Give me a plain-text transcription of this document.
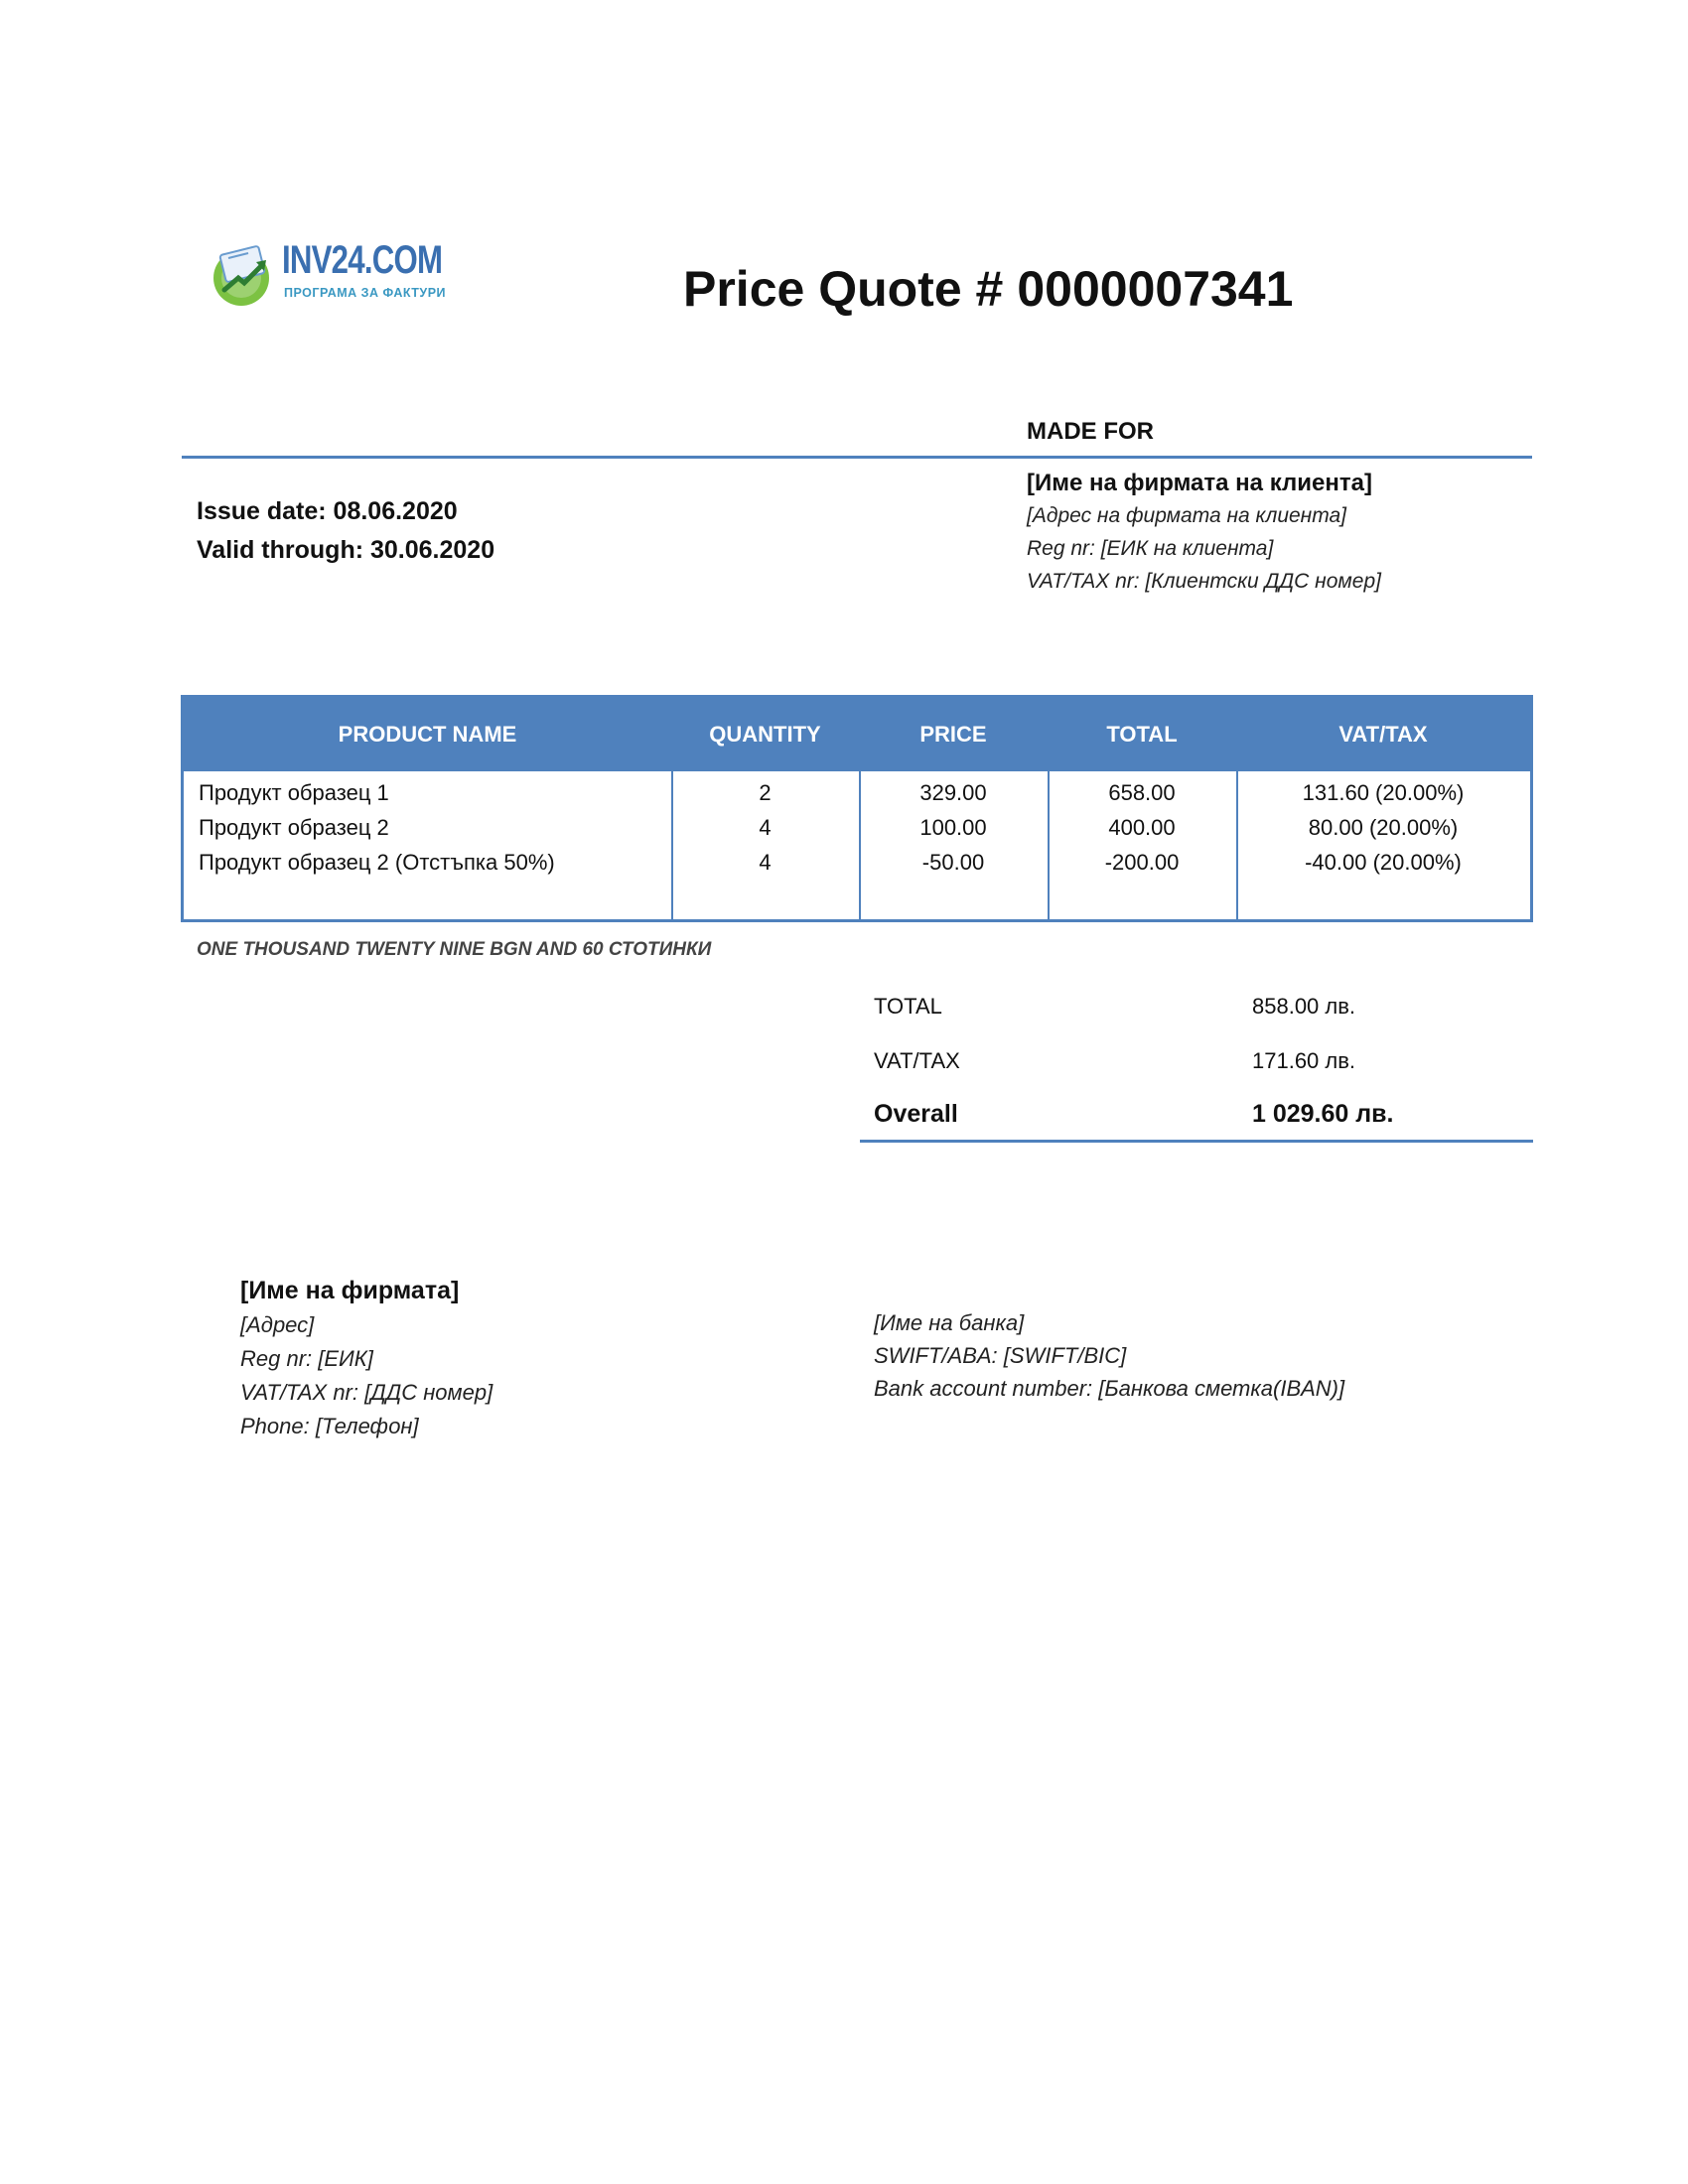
INV24.COM
ПРОГРАМА ЗА ФАКТУРИ	Price Quote # 0000007341
MADE FOR
Issue date: 08.06.2020
Valid through: 30.06.2020
[Име на фирмата на клиента]
[Адрес на фирмата на клиента]
Reg nr: [ЕИК на клиента]
VAT/TAX nr: [Клиентски ДДС номер]
PRODUCT NAME	QUANTITY	PRICE	TOTAL	VAT/TAX
Продукт образец 1	2	329.00	658.00	131.60 (20.00%)
Продукт образец 2	4	100.00	400.00	80.00 (20.00%)
Продукт образец 2 (Отстъпка 50%)	4	-50.00	-200.00	-40.00 (20.00%)
ONE THOUSAND TWENTY NINE BGN AND 60 СТОТИНКИ
TOTAL	858.00 лв.
VAT/TAX	171.60 лв.
Overall	1 029.60 лв.
[Име на фирмата]
[Адрес]
Reg nr: [ЕИК]
VAT/TAX nr: [ДДС номер]
Phone: [Телефон]
[Име на банка]
SWIFT/ABA: [SWIFT/BIC]
Bank account number: [Банкова сметка(IBAN)]
